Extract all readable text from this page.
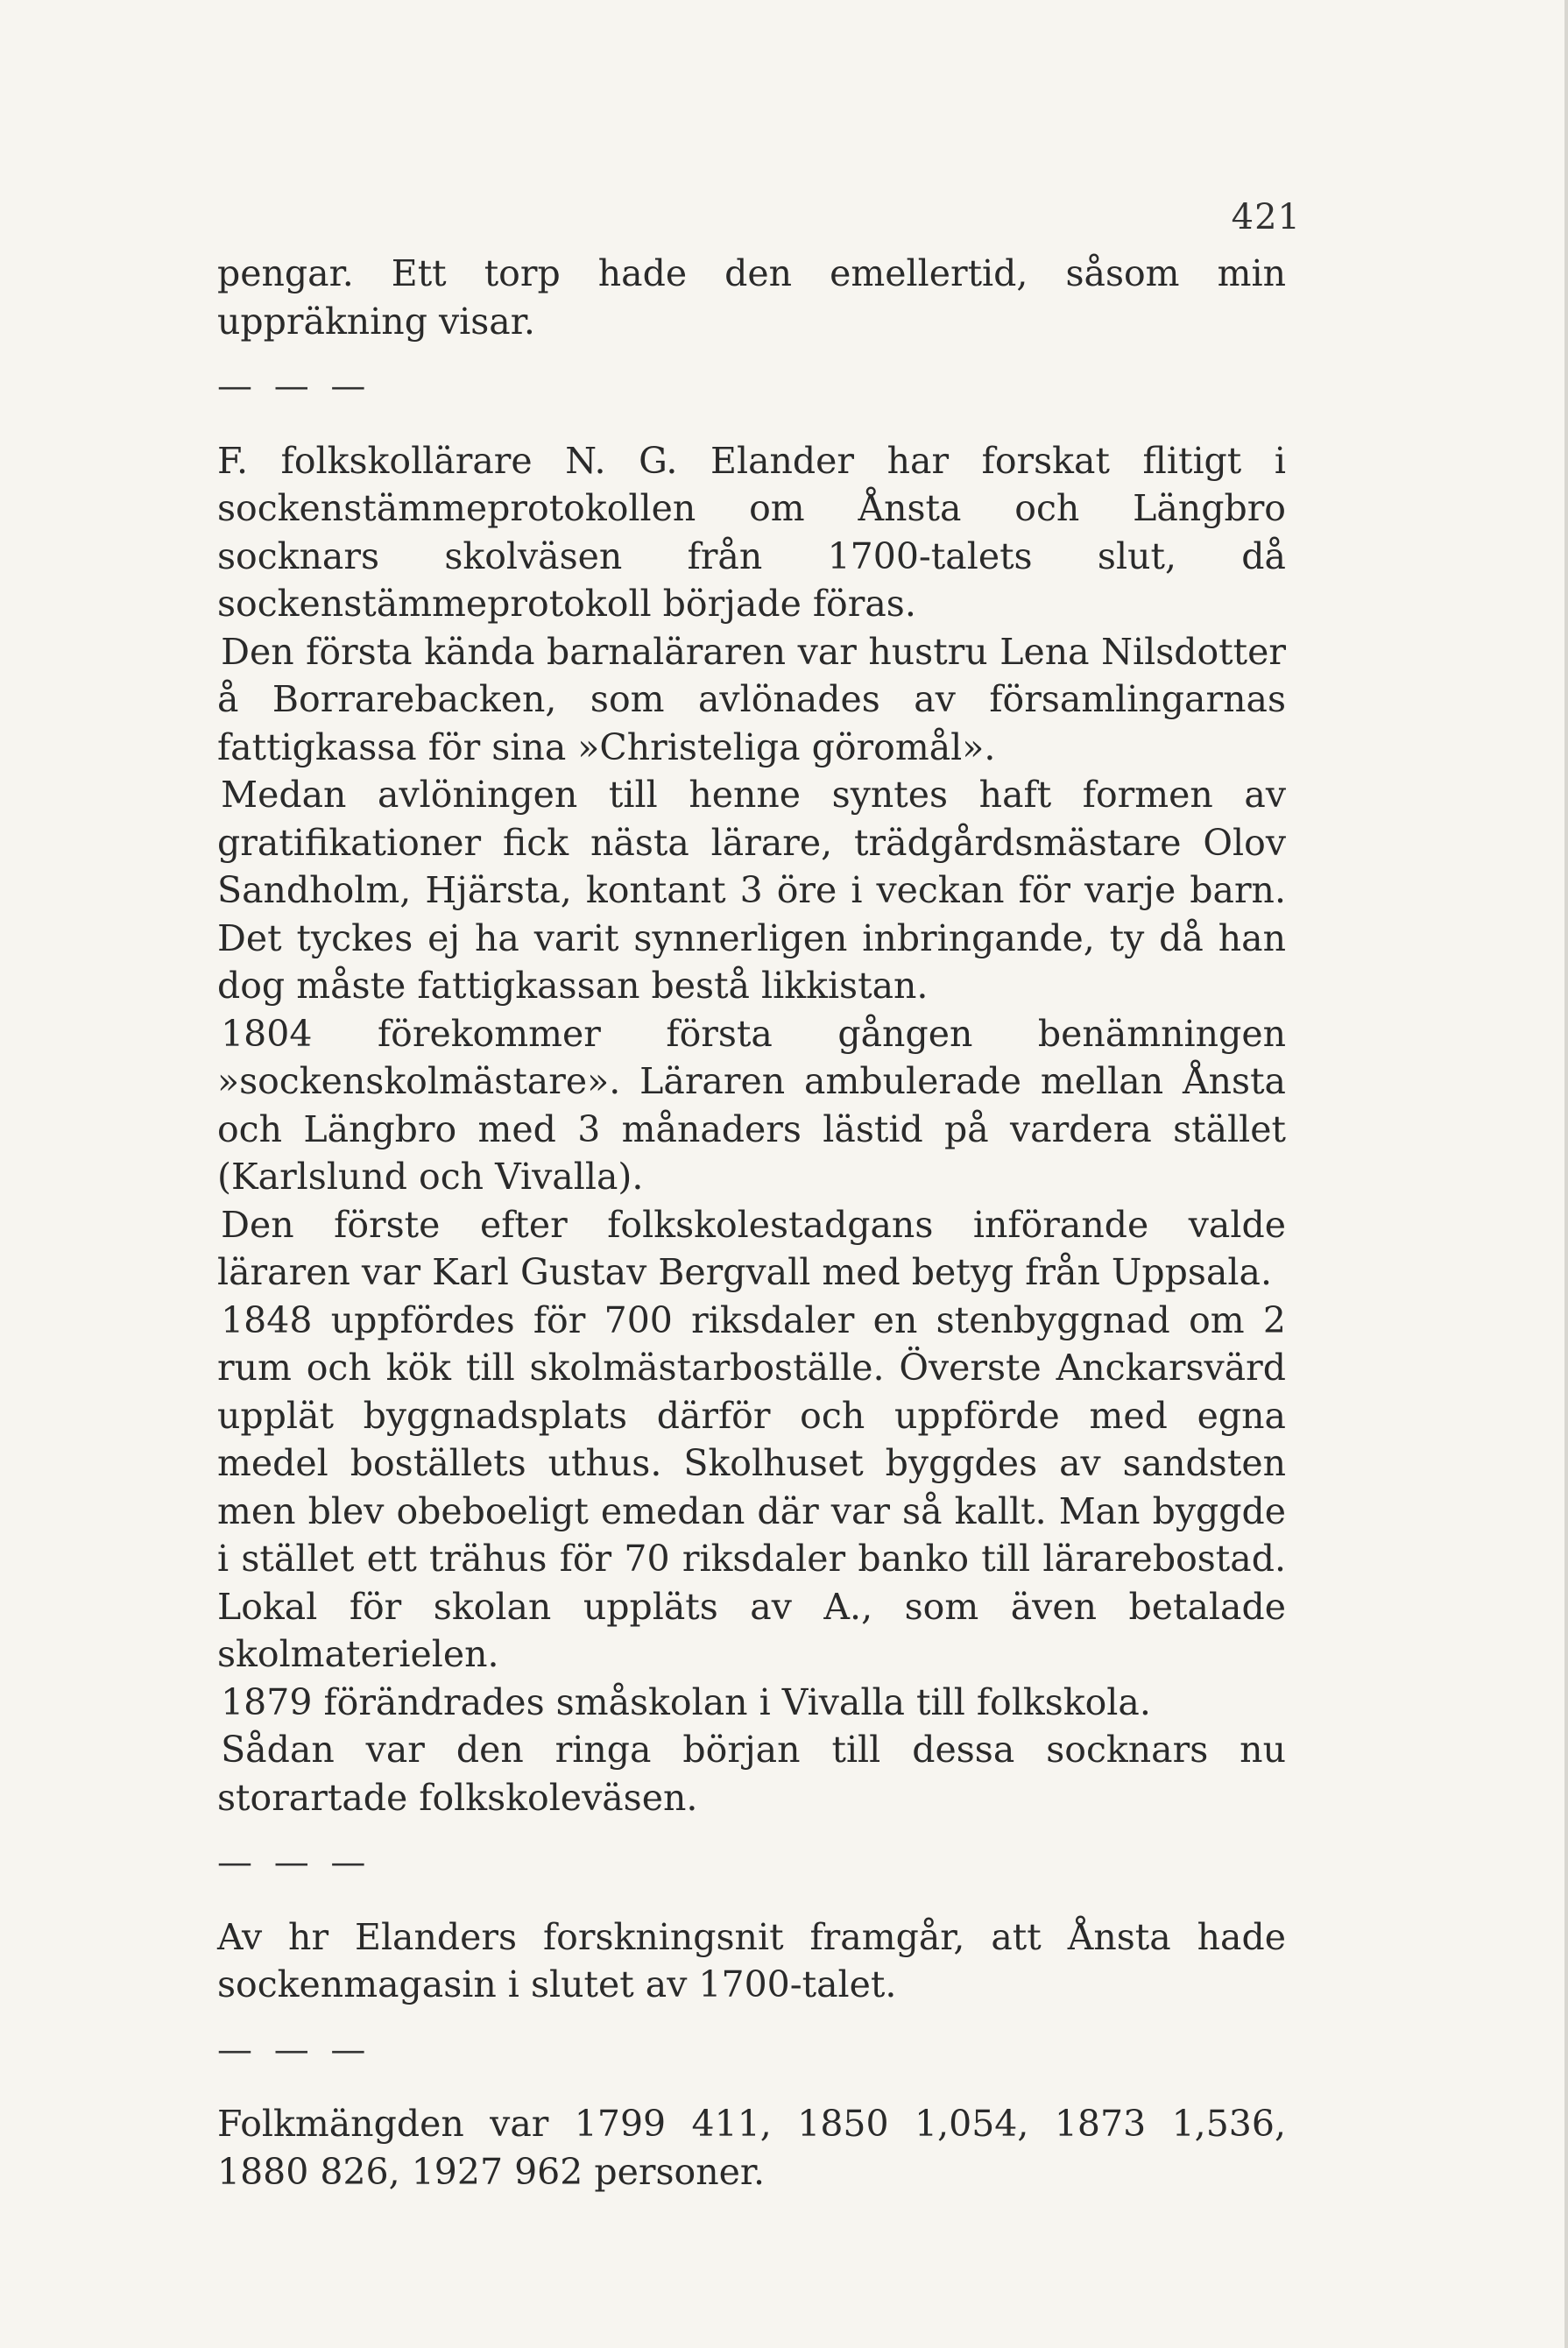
421

pengar. Ett torp hade den emellertid, såsom min uppräkning visar.

— — —

F. folkskollärare N. G. Elander har forskat flitigt i sockenstämmeprotokollen om Ånsta och Längbro socknars skolväsen från 1700-talets slut, då sockenstämmeprotokoll började föras.

Den första kända barnaläraren var hustru Lena Nilsdotter å Borrarebacken, som avlönades av församlingarnas fattigkassa för sina »Christeliga göromål».

Medan avlöningen till henne syntes haft formen av gratifikationer fick nästa lärare, trädgårdsmästare Olov Sandholm, Hjärsta, kontant 3 öre i veckan för varje barn. Det tyckes ej ha varit synnerligen inbringande, ty då han dog måste fattigkassan bestå likkistan.

1804 förekommer första gången benämningen »sockenskolmästare». Läraren ambulerade mellan Ånsta och Längbro med 3 månaders lästid på vardera stället (Karlslund och Vivalla).

Den förste efter folkskolestadgans införande valde läraren var Karl Gustav Bergvall med betyg från Uppsala.

1848 uppfördes för 700 riksdaler en stenbyggnad om 2 rum och kök till skolmästarboställe. Överste Anckarsvärd upplät byggnadsplats därför och uppförde med egna medel boställets uthus. Skolhuset byggdes av sandsten men blev obeboeligt emedan där var så kallt. Man byggde i stället ett trähus för 70 riksdaler banko till lärarebostad. Lokal för skolan uppläts av A., som även betalade skolmaterielen.

1879 förändrades småskolan i Vivalla till folkskola.

Sådan var den ringa början till dessa socknars nu storartade folkskoleväsen.

— — —

Av hr Elanders forskningsnit framgår, att Ånsta hade sockenmagasin i slutet av 1700-talet.

— — —

Folkmängden var 1799 411, 1850 1,054, 1873 1,536, 1880 826, 1927 962 personer.
